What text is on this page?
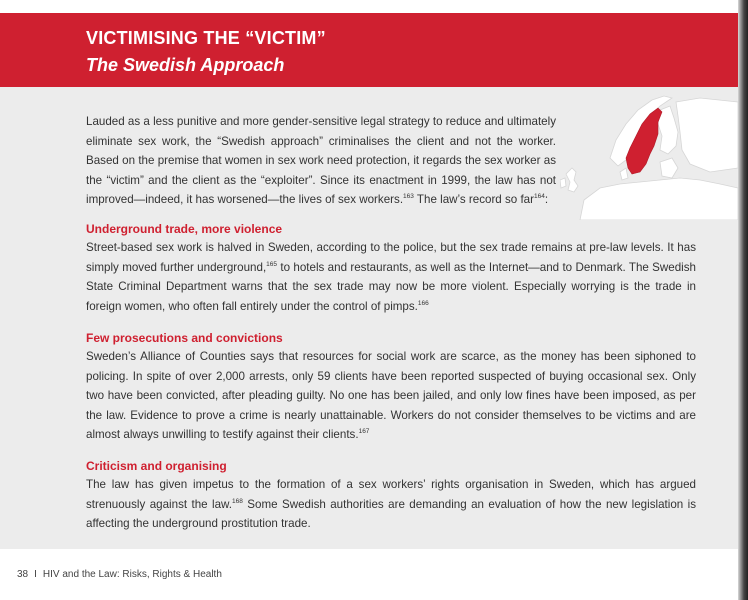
VICTIMISING THE “VICTIM”
The Swedish Approach

Lauded as a less punitive and more gender-sensitive legal strategy to reduce and ultimately eliminate sex work, the “Swedish approach” criminalises the client and not the worker. Based on the premise that women in sex work need protection, it regards the sex worker as the “victim” and the client as the “exploiter”. Since its enactment in 1999, the law has not improved—indeed, it has worsened—the lives of sex workers.$^{163}$ The law’s record so far$^{164}$:

Underground trade, more violence

Street-based sex work is halved in Sweden, according to the police, but the sex trade remains at pre-law levels. It has simply moved further underground,$^{165}$ to hotels and restaurants, as well as the Internet—and to Denmark. The Swedish State Criminal Department warns that the sex trade may now be more violent. Especially worrying is the trade in foreign women, who often fall entirely under the control of pimps.$^{166}$

Few prosecutions and convictions

Sweden’s Alliance of Counties says that resources for social work are scarce, as the money has been siphoned to policing. In spite of over 2,000 arrests, only 59 clients have been reported suspected of buying occasional sex. Only two have been convicted, after pleading guilty. No one has been jailed, and only low fines have been imposed, as per the law. Evidence to prove a crime is nearly unattainable. Workers do not consider themselves to be victims and are almost always unwilling to testify against their clients.$^{167}$

Criticism and organising

The law has given impetus to the formation of a sex workers’ rights organisation in Sweden, which has argued strenuously against the law.$^{168}$ Some Swedish authorities are demanding an evaluation of how the new legislation is affecting the underground prostitution trade.

38 I HIV and the Law: Risks, Rights & Health
